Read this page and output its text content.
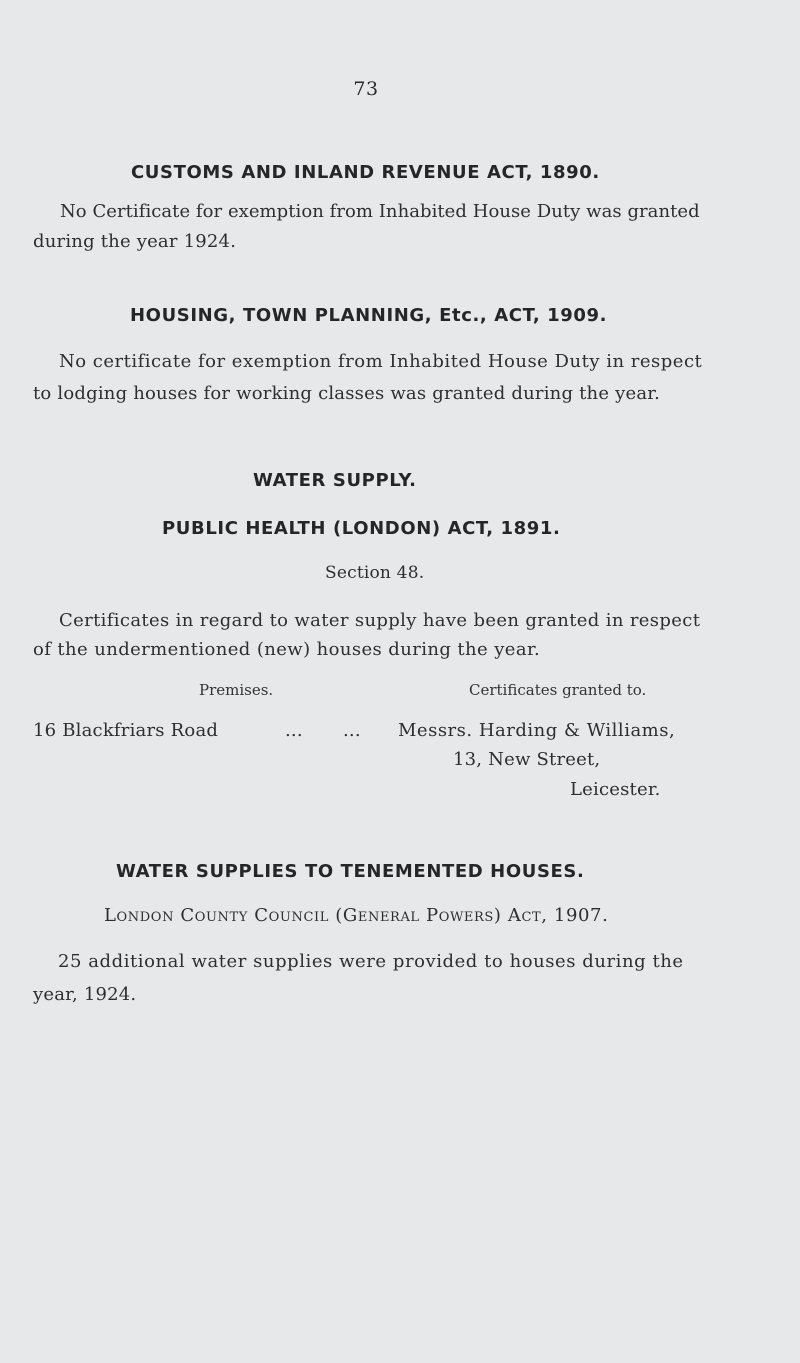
73
CUSTOMS AND INLAND REVENUE ACT, 1890.
No Certificate for exemption from Inhabited House Duty was granted
during the year 1924.
HOUSING, TOWN PLANNING, Etc., ACT, 1909.
No certificate for exemption from Inhabited House Duty in respect
to lodging houses for working classes was granted during the year.
WATER SUPPLY.
PUBLIC HEALTH (LONDON) ACT, 1891.
Section 48.
Certificates in regard to water supply have been granted in respect
of the undermentioned (new) houses during the year.
Premises.	Certificates granted to.
16 Blackfriars Road	... ... Messrs. Harding & Williams,
13, New Street,
Leicester.
WATER SUPPLIES TO TENEMENTED HOUSES.
London County Council (General Powers) Act, 1907.
25 additional water supplies were provided to houses during the
year, 1924.
